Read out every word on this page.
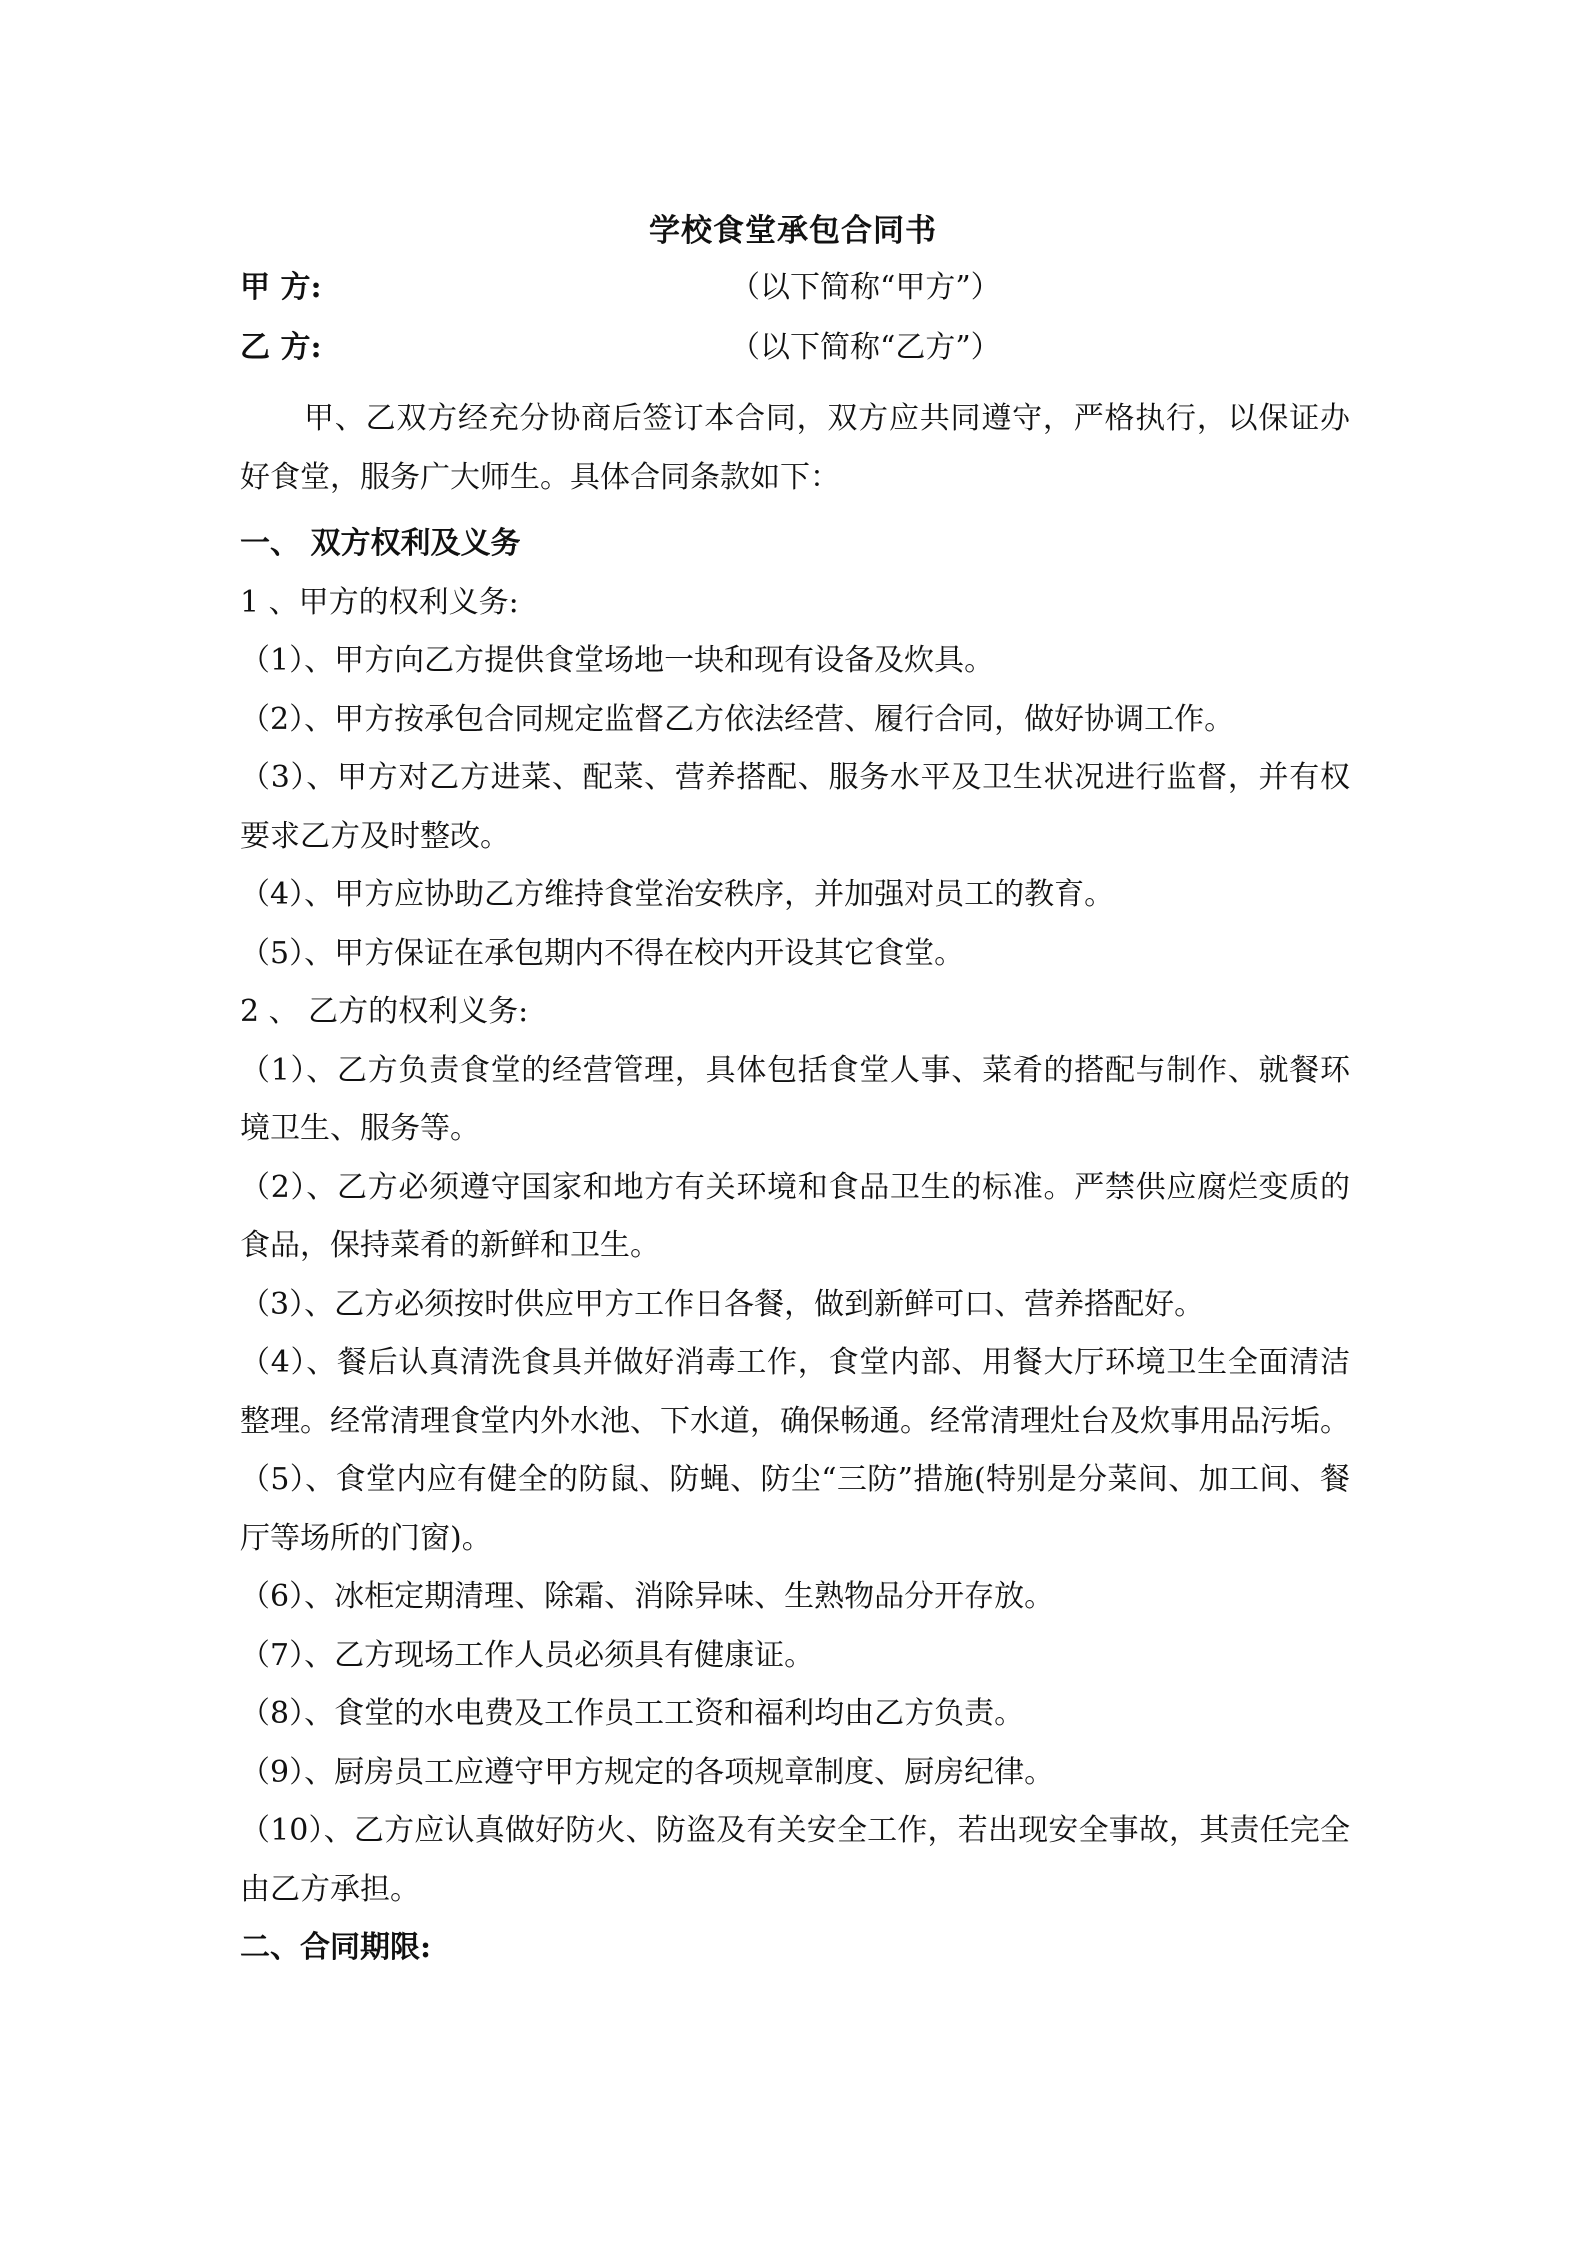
学校食堂承包合同书
甲 方:	（以下简称“甲方”）
乙 方:	（以下简称“乙方”）

甲、乙双方经充分协商后签订本合同，双方应共同遵守，严格执行，以保证办好食堂，服务广大师生。具体合同条款如下：

一、 双方权利及义务

1 、甲方的权利义务:

（1）、甲方向乙方提供食堂场地一块和现有设备及炊具。

（2）、甲方按承包合同规定监督乙方依法经营、履行合同，做好协调工作。

（3）、甲方对乙方进菜、配菜、营养搭配、服务水平及卫生状况进行监督，并有权要求乙方及时整改。

（4）、甲方应协助乙方维持食堂治安秩序，并加强对员工的教育。

（5）、甲方保证在承包期内不得在校内开设其它食堂。

2 、 乙方的权利义务:

（1）、乙方负责食堂的经营管理，具体包括食堂人事、菜肴的搭配与制作、就餐环境卫生、服务等。

（2）、乙方必须遵守国家和地方有关环境和食品卫生的标准。严禁供应腐烂变质的食品，保持菜肴的新鲜和卫生。

（3）、乙方必须按时供应甲方工作日各餐，做到新鲜可口、营养搭配好。

（4）、餐后认真清洗食具并做好消毒工作，食堂内部、用餐大厅环境卫生全面清洁整理。经常清理食堂内外水池、下水道，确保畅通。经常清理灶台及炊事用品污垢。

（5）、食堂内应有健全的防鼠、防蝇、防尘“三防”措施(特别是分菜间、加工间、餐厅等场所的门窗)。

（6）、冰柜定期清理、除霜、消除异味、生熟物品分开存放。

（7）、乙方现场工作人员必须具有健康证。

（8）、食堂的水电费及工作员工工资和福利均由乙方负责。

（9）、厨房员工应遵守甲方规定的各项规章制度、厨房纪律。

（10）、乙方应认真做好防火、防盗及有关安全工作，若出现安全事故，其责任完全由乙方承担。

二、合同期限:
